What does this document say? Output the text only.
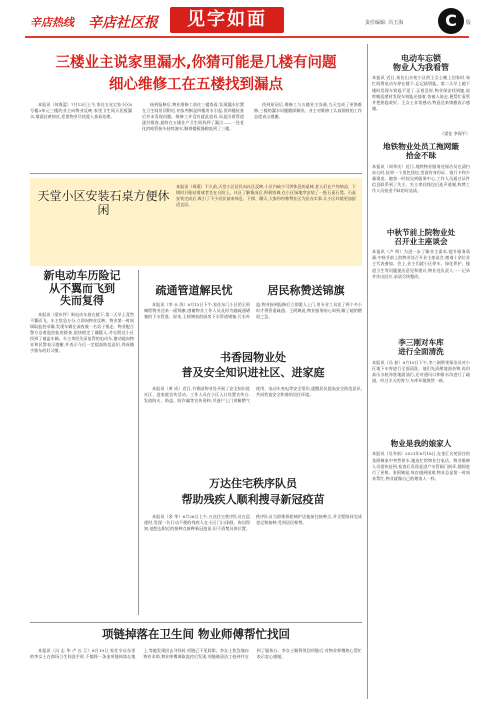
辛店热线 辛店社区报	见字如面	责任编辑: 冯玉海	C	版
三楼业主说家里漏水,你猜可能是几楼有问题
细心维修工在五楼找到漏点

本报讯（何海蓝）7月13日上午,家住五光宅家小区8号楼3单元三楼的业主向物业反映,家里卫生间天花板漏水,墙面泛黄掉皮,希望物业尽快派人查看处理。

接到报修后,物业维修工前往三楼查看,发现漏水位置在卫生间吊顶附近,初步判断是四楼用水引起,但四楼检查后并未发现问题。维修工并没有就此放弃,而是沿着管道逐层排查,最终在五楼住户卫生间找到了漏点——一处老化的暗管接头持续渗水,顺着楼板缝隙流到了三楼。

找到原因后,维修工与五楼业主沟通,当天完成了更换维修,三楼的漏水问题随即解决。业主对维修工认真细致的工作态度表示感谢。

天堂小区安装石桌方便休闲
本报讯（周燕）不久前,天堂小区居民向社区反映,小区内缺少可供休息的桌椅,老人们在户外纳凉、下棋时只能站着或者坐在台阶上。社区了解情况后,积极协调,在小区绿地旁安装了一批石桌石凳。石桌安装完成后,吸引了不少居民前来休息、下棋、聊天,大家纷纷称赞社区为民办实事,让小区环境更加舒适宜居。
电动车忘锁
物业人为我看管
本报讯 近日,家住山水苑小区的王女士晚上回家时,匆忙间将电动车停在楼下,忘记拔钥匙。第二天早上她下楼时发现车钥匙不见了,正着急时,物业保安找到她,说昨晚巡逻时发现车钥匙还插着,怕被人骑走,便帮忙看管并把钥匙收好。王女士非常感动,特意送来锦旗表示感谢。
（梁佳 李保平）
地铁物业处员工拖网簸
拾金不昧
本报讯（周华庆）近日,地铁物业服务处保洁员在清扫站台时,捡到一个黑色钱包,里面有身份证、银行卡和少量现金。她第一时间交到服务中心,工作人员通过证件信息联系到了失主。失主拿回钱包后连声道谢,称赞工作人员拾金不昧的好品质。
中秋节前上院物业处
召开业主座谈会
本报讯（卢 明）为进一步了解业主需求,提升服务质量,中秋节前上院物业处召开业主座谈会,邀请十余位业主代表参加。会上,业主们就小区停车、绿化养护、楼道卫生等问题提出意见和建议,物业处负责人一一记录并作出回应,承诺尽快整改。
李三刚对车库
进行全面清洗
本报讯（冯 春）8月10日下午,李三刚带领保洁员对小区地下车库进行全面清洗。他们先清理地面杂物,再用高压水枪冲洗地面油污,还对通风口和排水沟进行了疏通。经过半天的努力,车库环境焕然一新。
物业是我的娘家人
本报讯（吴冬南）2021年6月18日,在金汇名苑居住的张阿姨家中突然停水,她连忙给物业打电话。物业维修人员很快赶到,检查后发现是进户水管阀门损坏,随即进行了更换。张阿姨说,每次遇到困难,物业总是第一时间来帮忙,物业就像自己的娘家人一样。
新电动车历险记
从不翼而飞到
失而复得

本报讯（梁庆坪）新电动车放在楼下,第二天早上竟然不翼而飞。车主焦急万分,立即向物业反映。物业第一时间调取监控录像,发现车辆在深夜被一名男子推走。物业配合警方沿着监控轨迹排查,很快锁定了嫌疑人,并在附近小区找到了被盗车辆。车主拿回失而复得的电动车,激动地向物业和民警表示感谢,并表示今后一定提高防范意识,养成随手锁车的好习惯。

疏通管道解民忧	居民称赞送锦旗

本报讯（李 永 涛）8月13日下午,家住东门小区的王阿姨给物业送来一面锦旗,感谢物业工作人员及时为她疏通堵塞的下水管道。原来,王阿姨家的厨房下水管道堵塞,污水外溢,物业接到报修后立即派人上门,用专业工具花了两个多小时才将管道疏通。王阿姨说,物业服务贴心周到,解了她的燃眉之急。

书香园物业处
普及安全知识进社区、进家庭

本报讯（黄 成）近日,书香园物业处开展了安全知识进社区、进家庭宣传活动。工作人员在小区入口设置宣传台,发放防火、防盗、防诈骗等宣传资料,并逐户上门讲解燃气使用、电动车充电等安全常识,提醒居民提高安全防范意识,共同营造安全和谐的居住环境。

万达住宅秩序队员
帮助残疾人顺利搜寻新冠疫苗

本报讯（余 华）8月26日上午,万达住宅秩序队员在巡逻时,发现一位行动不便的残疾人在小区门口徘徊。询问得知,他想去附近的接种点接种新冠疫苗,但不清楚具体位置。秩序队员当即推着轮椅护送他前往接种点,并全程陪同完成登记和接种,受到居民称赞。

项链掉落在卫生间 物业师傅帮忙找回

本报讯（冯 志 华 卢 长 江）8月19日,家住辛店东里的李女士在商场卫生间洗手时,不慎将一条金项链掉落在地上,等她发现回去寻找时,项链已不见踪影。李女士焦急地向物业求助,物业师傅调取监控后发现,项链被清洁工拾到并交到了服务台。李女士顺利领回项链后,对物业师傅热心帮忙表示衷心感谢。
